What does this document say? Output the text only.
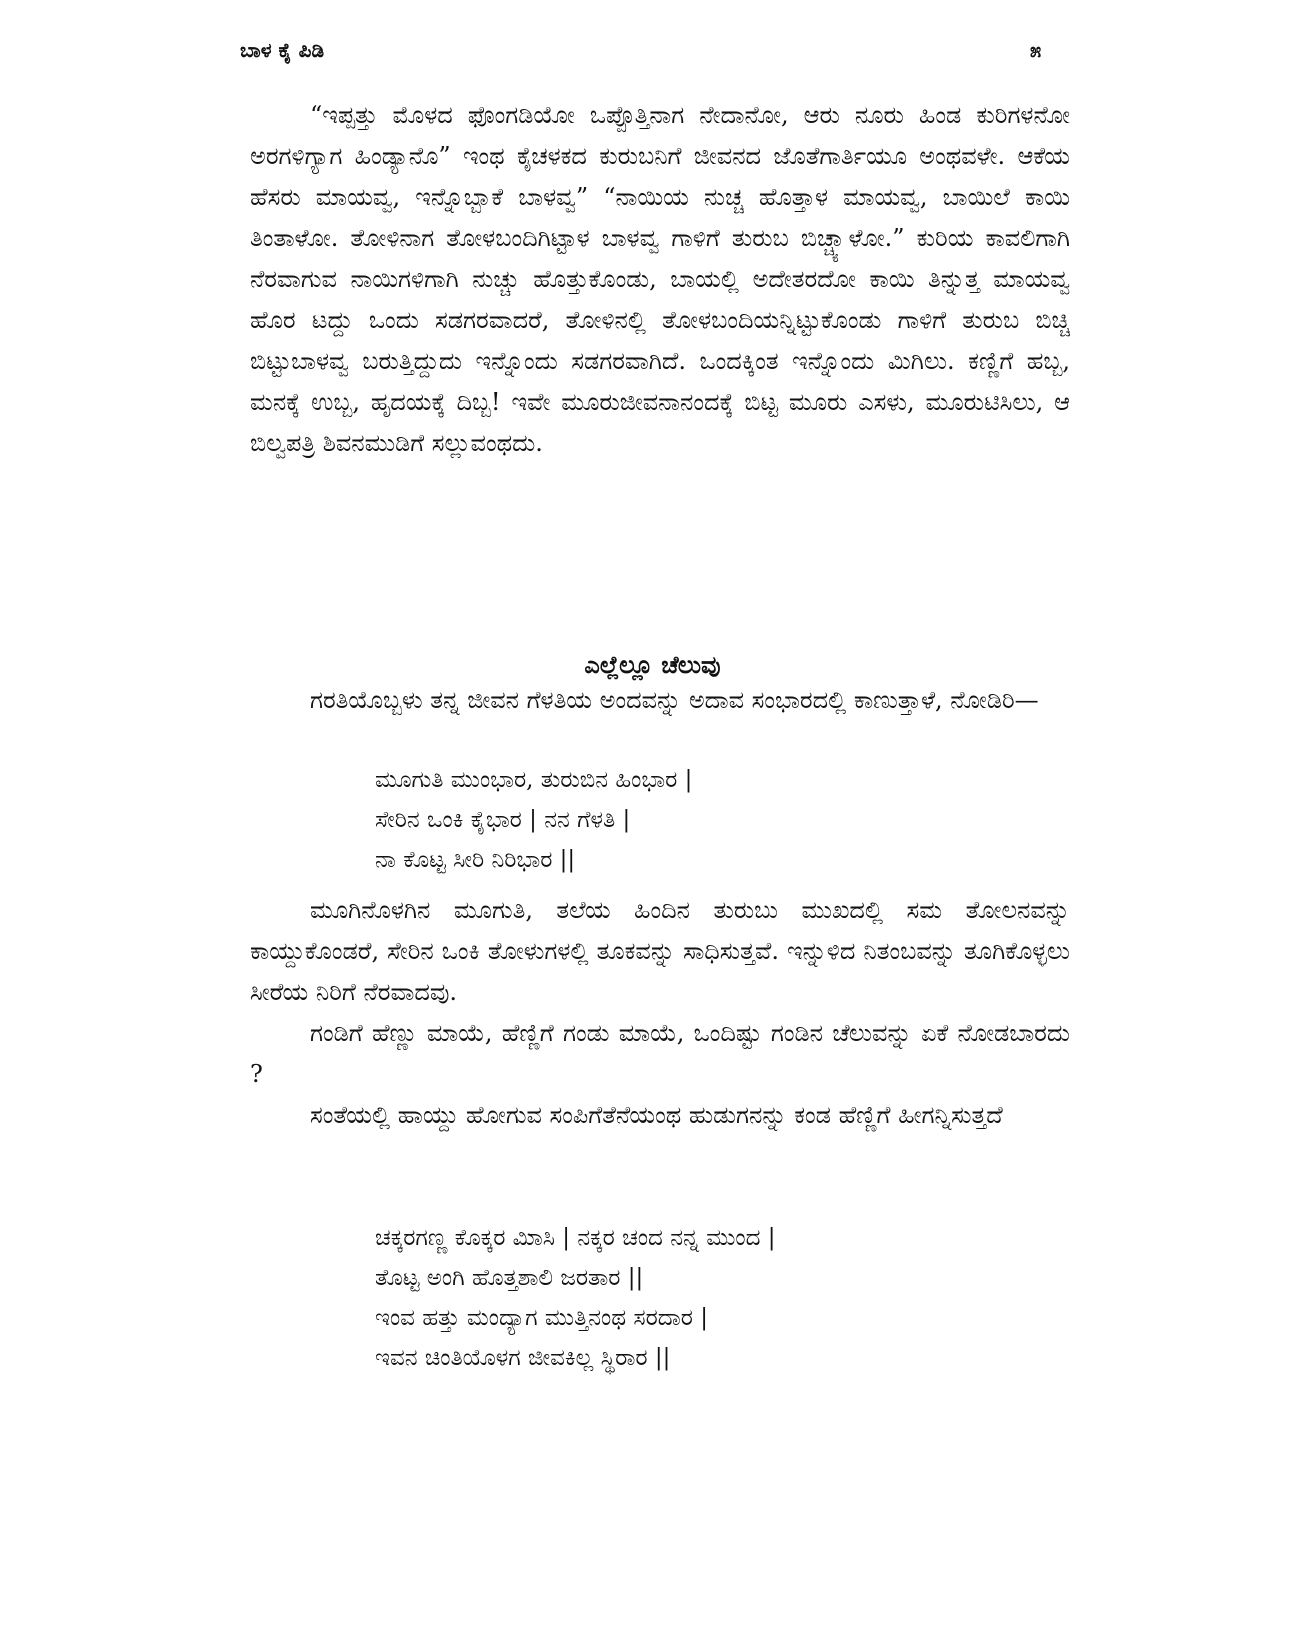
ಬಾಳ ಕೈ ಪಿಡಿ	೫

“ಇಪ್ಪತ್ತು ಮೊಳದ ಫೊಂಗಡಿಯೋ ಒಪ್ಪೊತ್ತಿನಾಗ ನೇದಾನೋ, ಆರು ನೂರು ಹಿಂಡ ಕುರಿಗಳನೋ ಅರಗಳಿಗ್ಯಾಗ ಹಿಂಡ್ಯಾನೊ” ಇಂಥ ಕೈಚಳಕದ ಕುರುಬನಿಗೆ ಜೀವನದ ಜೊತೆಗಾರ್ತಿಯೂ ಅಂಥವಳೇ. ಆಕೆಯ ಹೆಸರು ಮಾಯವ್ವ, ಇನ್ನೊಬ್ಬಾಕೆ ಬಾಳವ್ವ” “ನಾಯಿಯ ನುಚ್ಚ ಹೊತ್ತಾಳ ಮಾಯವ್ವ, ಬಾಯಿಲೆ ಕಾಯಿ ತಿಂತಾಳೋ. ತೋಳಿನಾಗ ತೋಳಬಂದಿಗಿಟ್ಟಾಳ ಬಾಳವ್ವ ಗಾಳಿಗೆ ತುರುಬ ಬಿಚ್ಚ್ಯಾಳೋ.” ಕುರಿಯ ಕಾವಲಿಗಾಗಿ ನೆರವಾಗುವ ನಾಯಿಗಳಿಗಾಗಿ ನುಚ್ಚು ಹೊತ್ತುಕೊಂಡು, ಬಾಯಲ್ಲಿ ಅದೇತರದೋ ಕಾಯಿ ತಿನ್ನುತ್ತ ಮಾಯವ್ವ ಹೊರ ಟದ್ದು ಒಂದು ಸಡಗರವಾದರೆ, ತೋಳಿನಲ್ಲಿ ತೋಳಬಂದಿಯನ್ನಿಟ್ಟುಕೊಂಡು ಗಾಳಿಗೆ ತುರುಬ ಬಿಚ್ಚಿ ಬಿಟ್ಟುಬಾಳವ್ವ ಬರುತ್ತಿದ್ದುದು ಇನ್ನೊಂದು ಸಡಗರವಾಗಿದೆ. ಒಂದಕ್ಕಿಂತ ಇನ್ನೊಂದು ಮಿಗಿಲು. ಕಣ್ಣಿಗೆ ಹಬ್ಬ, ಮನಕ್ಕೆ ಉಬ್ಬ, ಹೃದಯಕ್ಕೆ ದಿಬ್ಬ! ಇವೇ ಮೂರುಜೀವನಾನಂದಕ್ಕೆ ಬಿಟ್ಟ ಮೂರು ಎಸಳು, ಮೂರುಟಿಸಿಲು, ಆ ಬಿಲ್ವಪತ್ರಿ ಶಿವನಮುಡಿಗೆ ಸಲ್ಲುವಂಥದು.

ಎಲ್ಲೆಲ್ಲೂ ಚೆಲುವು

ಗರತಿಯೊಬ್ಬಳು ತನ್ನ ಜೀವನ ಗೆಳತಿಯ ಅಂದವನ್ನು ಅದಾವ ಸಂಭಾರದಲ್ಲಿ ಕಾಣುತ್ತಾಳೆ, ನೋಡಿರಿ—

ಮೂಗುತಿ ಮುಂಭಾರ, ತುರುಬಿನ ಹಿಂಭಾರ |
ಸೇರಿನ ಒಂಕಿ ಕೈಭಾರ | ನನ ಗೆಳತಿ |
ನಾ ಕೊಟ್ಟ ಸೀರಿ ನಿರಿಭಾರ ||

ಮೂಗಿನೊಳಗಿನ ಮೂಗುತಿ, ತಲೆಯ ಹಿಂದಿನ ತುರುಬು ಮುಖದಲ್ಲಿ ಸಮ ತೋಲನವನ್ನು ಕಾಯ್ದುಕೊಂಡರೆ, ಸೇರಿನ ಒಂಕಿ ತೋಳುಗಳಲ್ಲಿ ತೂಕವನ್ನು ಸಾಧಿಸುತ್ತವೆ. ಇನ್ನುಳಿದ ನಿತಂಬವನ್ನು ತೂಗಿಕೊಳ್ಳಲು ಸೀರೆಯ ನಿರಿಗೆ ನೆರವಾದವು.

ಗಂಡಿಗೆ ಹೆಣ್ಣು ಮಾಯೆ, ಹೆಣ್ಣಿಗೆ ಗಂಡು ಮಾಯೆ, ಒಂದಿಷ್ಟು ಗಂಡಿನ ಚೆಲುವನ್ನು ಏಕೆ ನೋಡಬಾರದು ?

ಸಂತೆಯಲ್ಲಿ ಹಾಯ್ದು ಹೋಗುವ ಸಂಪಿಗೆತೆನೆಯಂಥ ಹುಡುಗನನ್ನು ಕಂಡ ಹೆಣ್ಣಿಗೆ ಹೀಗನ್ನಿಸುತ್ತದೆ

ಚಕ್ಕರಗಣ್ಣ ಕೊಕ್ಕರ ಮಿಾಸಿ | ನಕ್ಕರ ಚಂದ ನನ್ನ ಮುಂದ |
ತೊಟ್ಟ ಅಂಗಿ ಹೊತ್ತಶಾಲಿ ಜರತಾರ ||
ಇಂವ ಹತ್ತು ಮಂದ್ಯಾಗ ಮುತ್ತಿನಂಥ ಸರದಾರ |
ಇವನ ಚಿಂತಿಯೊಳಗ ಜೀವಕಿಲ್ಲ ಸ್ಥಿರಾರ ||
